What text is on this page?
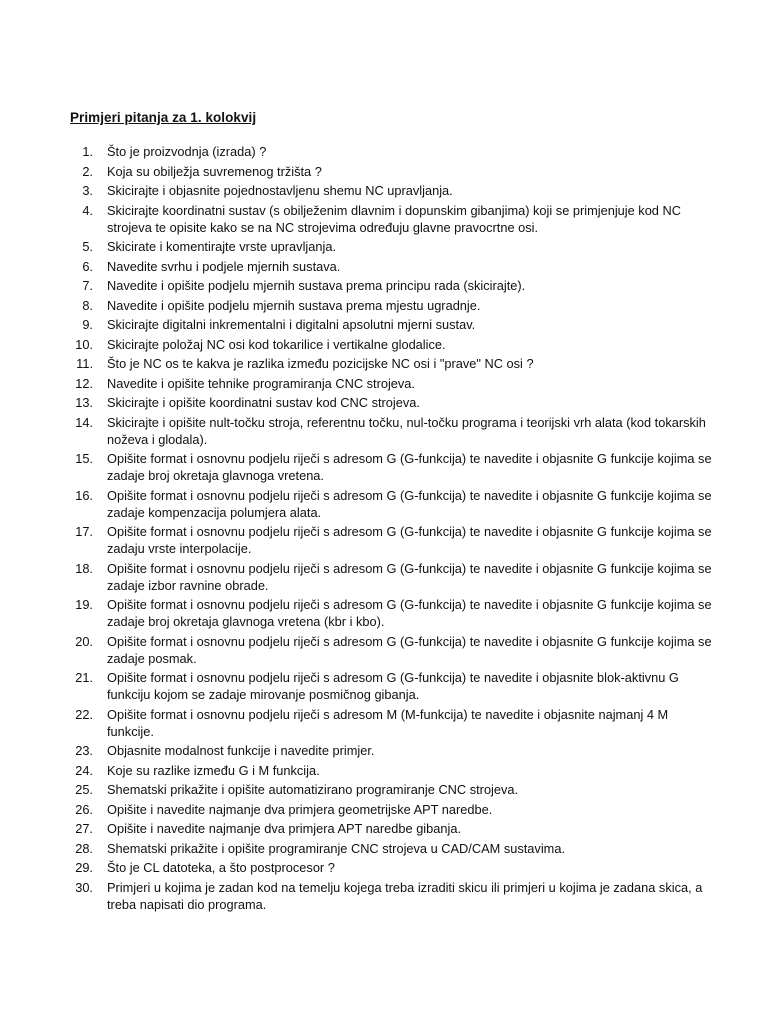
Primjeri pitanja za 1. kolokvij
1. Što je proizvodnja (izrada) ?
2. Koja su obilježja suvremenog tržišta ?
3. Skicirajte i objasnite pojednostavljenu shemu NC upravljanja.
4. Skicirajte koordinatni sustav (s obilježenim dlavnim i dopunskim gibanjima) koji se primjenjuje kod NC strojeva te opisite kako se na NC strojevima određuju glavne pravocrtne osi.
5. Skicirate i komentirajte vrste upravljanja.
6. Navedite svrhu i podjele mjernih sustava.
7. Navedite i opišite podjelu mjernih sustava prema principu rada (skicirajte).
8. Navedite i opišite podjelu mjernih sustava prema mjestu ugradnje.
9. Skicirajte digitalni inkrementalni i digitalni apsolutni mjerni sustav.
10. Skicirajte položaj NC osi kod tokarilice i vertikalne glodalice.
11. Što je NC os te kakva je razlika između pozicijske NC osi i "prave" NC osi ?
12. Navedite i opišite tehnike programiranja CNC strojeva.
13. Skicirajte i opišite koordinatni sustav kod CNC strojeva.
14. Skicirajte i opišite nult-točku stroja, referentnu točku, nul-točku programa i teorijski vrh alata (kod tokarskih noževa i glodala).
15. Opišite format i osnovnu podjelu riječi s adresom G (G-funkcija) te navedite i objasnite G funkcije kojima se zadaje broj okretaja glavnoga vretena.
16. Opišite format i osnovnu podjelu riječi s adresom G (G-funkcija) te navedite i objasnite G funkcije kojima se zadaje kompenzacija polumjera alata.
17. Opišite format i osnovnu podjelu riječi s adresom G (G-funkcija) te navedite i objasnite G funkcije kojima se zadaju vrste interpolacije.
18. Opišite format i osnovnu podjelu riječi s adresom G (G-funkcija) te navedite i objasnite G funkcije kojima se zadaje izbor ravnine obrade.
19. Opišite format i osnovnu podjelu riječi s adresom G (G-funkcija) te navedite i objasnite G funkcije kojima se zadaje broj okretaja glavnoga vretena (kbr i kbo).
20. Opišite format i osnovnu podjelu riječi s adresom G (G-funkcija) te navedite i objasnite G funkcije kojima se zadaje posmak.
21. Opišite format i osnovnu podjelu riječi s adresom G (G-funkcija) te navedite i objasnite blok-aktivnu G funkciju kojom se zadaje mirovanje posmičnog gibanja.
22. Opišite format i osnovnu podjelu riječi s adresom M (M-funkcija) te navedite i objasnite najmanj 4 M funkcije.
23. Objasnite modalnost funkcije i navedite primjer.
24. Koje su razlike između G i M funkcija.
25. Shematski prikažite i opišite automatizirano programiranje CNC strojeva.
26. Opišite i navedite najmanje dva primjera geometrijske APT naredbe.
27. Opišite i navedite najmanje dva primjera APT naredbe gibanja.
28. Shematski prikažite i opišite programiranje CNC strojeva u CAD/CAM sustavima.
29. Što je CL datoteka, a što postprocesor ?
30. Primjeri u kojima je zadan kod na temelju kojega treba izraditi skicu ili primjeri u kojima je zadana skica, a treba napisati dio programa.
